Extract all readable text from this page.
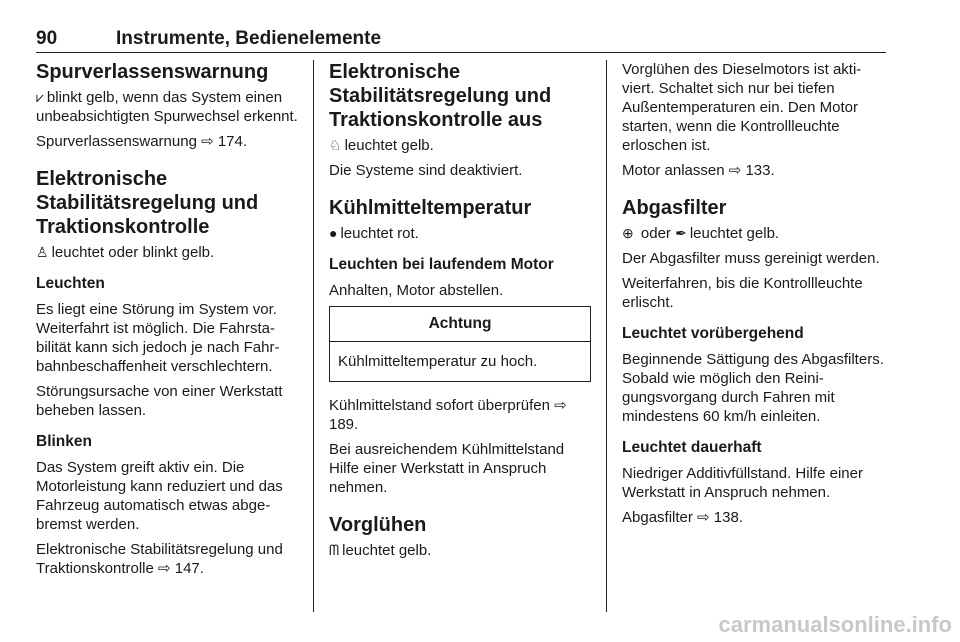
90	Instrumente, Bedienelemente
Spurverlassenswarnung

⩗ blinkt gelb, wenn das System einen unbeabsichtigten Spurwechsel erkennt.

Spurverlassenswarnung ⇨ 174.

Elektronische Stabilitätsregelung und Traktionskontrolle

♙ leuchtet oder blinkt gelb.

Leuchten

Es liegt eine Störung im System vor. Weiterfahrt ist möglich. Die Fahrstabilität kann sich jedoch je nach Fahrbahnbeschaffenheit verschlechtern.

Störungsursache von einer Werkstatt beheben lassen.

Blinken

Das System greift aktiv ein. Die Motorleistung kann reduziert und das Fahrzeug automatisch etwas abgebremst werden.

Elektronische Stabilitätsregelung und Traktionskontrolle ⇨ 147.

Elektronische Stabilitätsregelung und Traktionskontrolle aus

♘ leuchtet gelb.

Die Systeme sind deaktiviert.

Kühlmitteltemperatur

● leuchtet rot.

Leuchten bei laufendem Motor

Anhalten, Motor abstellen.

Achtung
Kühlmitteltemperatur zu hoch.

Kühlmittelstand sofort überprüfen ⇨ 189.

Bei ausreichendem Kühlmittelstand Hilfe einer Werkstatt in Anspruch nehmen.

Vorglühen

ᗰ leuchtet gelb.

Vorglühen des Dieselmotors ist aktiviert. Schaltet sich nur bei tiefen Außentemperaturen ein. Den Motor starten, wenn die Kontrollleuchte erloschen ist.

Motor anlassen ⇨ 133.

Abgasfilter

⊕ oder ✒ leuchtet gelb.

Der Abgasfilter muss gereinigt werden.

Weiterfahren, bis die Kontrollleuchte erlischt.

Leuchtet vorübergehend

Beginnende Sättigung des Abgasfilters. Sobald wie möglich den Reinigungsvorgang durch Fahren mit mindestens 60 km/h einleiten.

Leuchtet dauerhaft

Niedriger Additivfüllstand. Hilfe einer Werkstatt in Anspruch nehmen.

Abgasfilter ⇨ 138.

carmanualsonline.info
